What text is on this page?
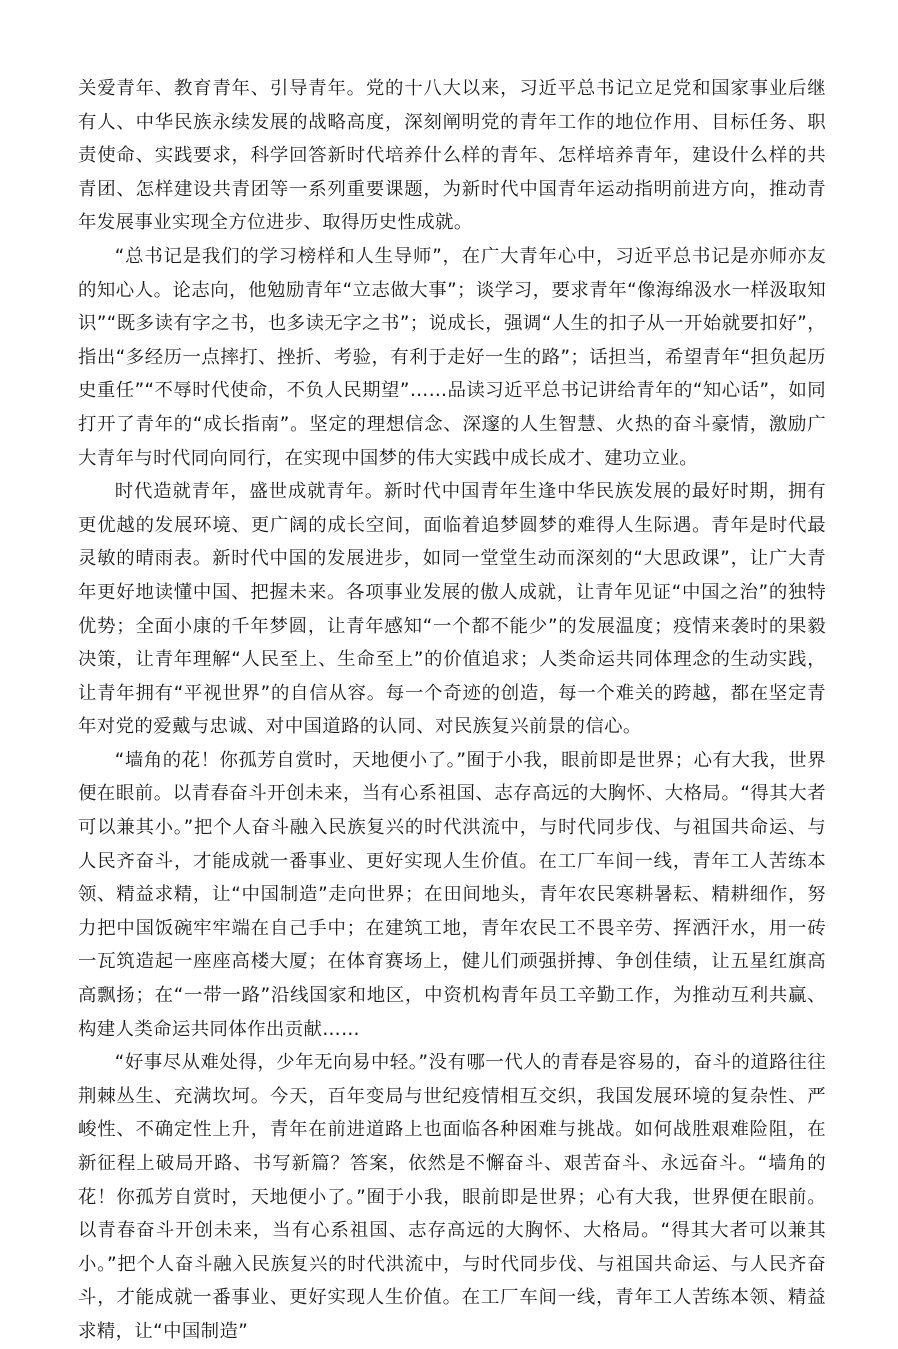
关爱青年、教育青年、引导青年。党的十八大以来，习近平总书记立足党和国家事业后继有人、中华民族永续发展的战略高度，深刻阐明党的青年工作的地位作用、目标任务、职责使命、实践要求，科学回答新时代培养什么样的青年、怎样培养青年，建设什么样的共青团、怎样建设共青团等一系列重要课题，为新时代中国青年运动指明前进方向，推动青年发展事业实现全方位进步、取得历史性成就。

“总书记是我们的学习榜样和人生导师”，在广大青年心中，习近平总书记是亦师亦友的知心人。论志向，他勉励青年“立志做大事”；谈学习，要求青年“像海绵汲水一样汲取知识”“既多读有字之书，也多读无字之书”；说成长，强调“人生的扣子从一开始就要扣好”，指出“多经历一点摔打、挫折、考验，有利于走好一生的路”；话担当，希望青年“担负起历史重任”“不辱时代使命，不负人民期望”……品读习近平总书记讲给青年的“知心话”，如同打开了青年的“成长指南”。坚定的理想信念、深邃的人生智慧、火热的奋斗豪情，激励广大青年与时代同向同行，在实现中国梦的伟大实践中成长成才、建功立业。

时代造就青年，盛世成就青年。新时代中国青年生逢中华民族发展的最好时期，拥有更优越的发展环境、更广阔的成长空间，面临着追梦圆梦的难得人生际遇。青年是时代最灵敏的晴雨表。新时代中国的发展进步，如同一堂堂生动而深刻的“大思政课”，让广大青年更好地读懂中国、把握未来。各项事业发展的傲人成就，让青年见证“中国之治”的独特优势；全面小康的千年梦圆，让青年感知“一个都不能少”的发展温度；疫情来袭时的果毅决策，让青年理解“人民至上、生命至上”的价值追求；人类命运共同体理念的生动实践，让青年拥有“平视世界”的自信从容。每一个奇迹的创造，每一个难关的跨越，都在坚定青年对党的爱戴与忠诚、对中国道路的认同、对民族复兴前景的信心。

“墙角的花！你孤芳自赏时，天地便小了。”囿于小我，眼前即是世界；心有大我，世界便在眼前。以青春奋斗开创未来，当有心系祖国、志存高远的大胸怀、大格局。“得其大者可以兼其小。”把个人奋斗融入民族复兴的时代洪流中，与时代同步伐、与祖国共命运、与人民齐奋斗，才能成就一番事业、更好实现人生价值。在工厂车间一线，青年工人苦练本领、精益求精，让“中国制造”走向世界；在田间地头，青年农民寒耕暑耘、精耕细作，努力把中国饭碗牢牢端在自己手中；在建筑工地，青年农民工不畏辛劳、挥洒汗水，用一砖一瓦筑造起一座座高楼大厦；在体育赛场上，健儿们顽强拼搏、争创佳绩，让五星红旗高高飘扬；在“一带一路”沿线国家和地区，中资机构青年员工辛勤工作，为推动互利共赢、构建人类命运共同体作出贡献……

“好事尽从难处得，少年无向易中轻。”没有哪一代人的青春是容易的，奋斗的道路往往荆棘丛生、充满坎坷。今天，百年变局与世纪疫情相互交织，我国发展环境的复杂性、严峻性、不确定性上升，青年在前进道路上也面临各种困难与挑战。如何战胜艰难险阻，在新征程上破局开路、书写新篇？答案，依然是不懈奋斗、艰苦奋斗、永远奋斗。“墙角的花！你孤芳自赏时，天地便小了。”囿于小我，眼前即是世界；心有大我，世界便在眼前。以青春奋斗开创未来，当有心系祖国、志存高远的大胸怀、大格局。“得其大者可以兼其小。”把个人奋斗融入民族复兴的时代洪流中，与时代同步伐、与祖国共命运、与人民齐奋斗，才能成就一番事业、更好实现人生价值。在工厂车间一线，青年工人苦练本领、精益求精，让“中国制造”
